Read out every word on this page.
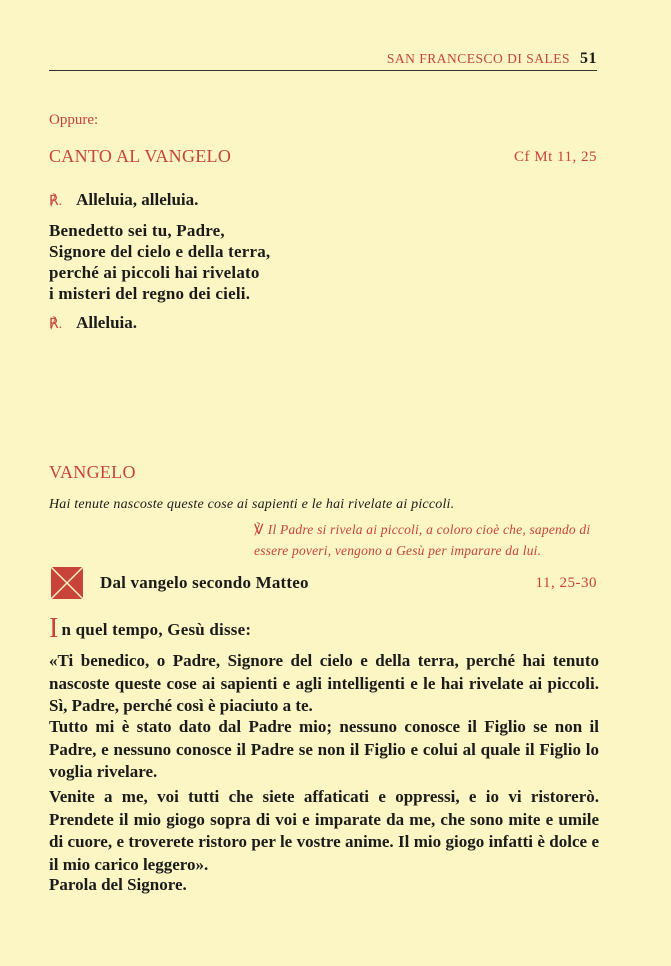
SAN FRANCESCO DI SALES 51
Oppure:
CANTO AL VANGELO	Cf Mt 11, 25
℟. Alleluia, alleluia.
Benedetto sei tu, Padre,
Signore del cielo e della terra,
perché ai piccoli hai rivelato
i misteri del regno dei cieli.
℟. Alleluia.
VANGELO
Hai tenute nascoste queste cose ai sapienti e le hai rivelate ai piccoli.
℣ Il Padre si rivela ai piccoli, a coloro cioè che, sapendo di essere poveri, vengono a Gesù per imparare da lui.
Dal vangelo secondo Matteo	11, 25-30
In quel tempo, Gesù disse:
«Ti benedico, o Padre, Signore del cielo e della terra, perché hai tenuto nascoste queste cose ai sapienti e agli intelligenti e le hai rivelate ai piccoli. Sì, Padre, perché così è piaciuto a te.
Tutto mi è stato dato dal Padre mio; nessuno conosce il Figlio se non il Padre, e nessuno conosce il Padre se non il Figlio e colui al quale il Figlio lo voglia rivelare.
Venite a me, voi tutti che siete affaticati e oppressi, e io vi ristorerò. Prendete il mio giogo sopra di voi e imparate da me, che sono mite e umile di cuore, e troverete ristoro per le vostre anime. Il mio giogo infatti è dolce e il mio carico leggero».
Parola del Signore.
